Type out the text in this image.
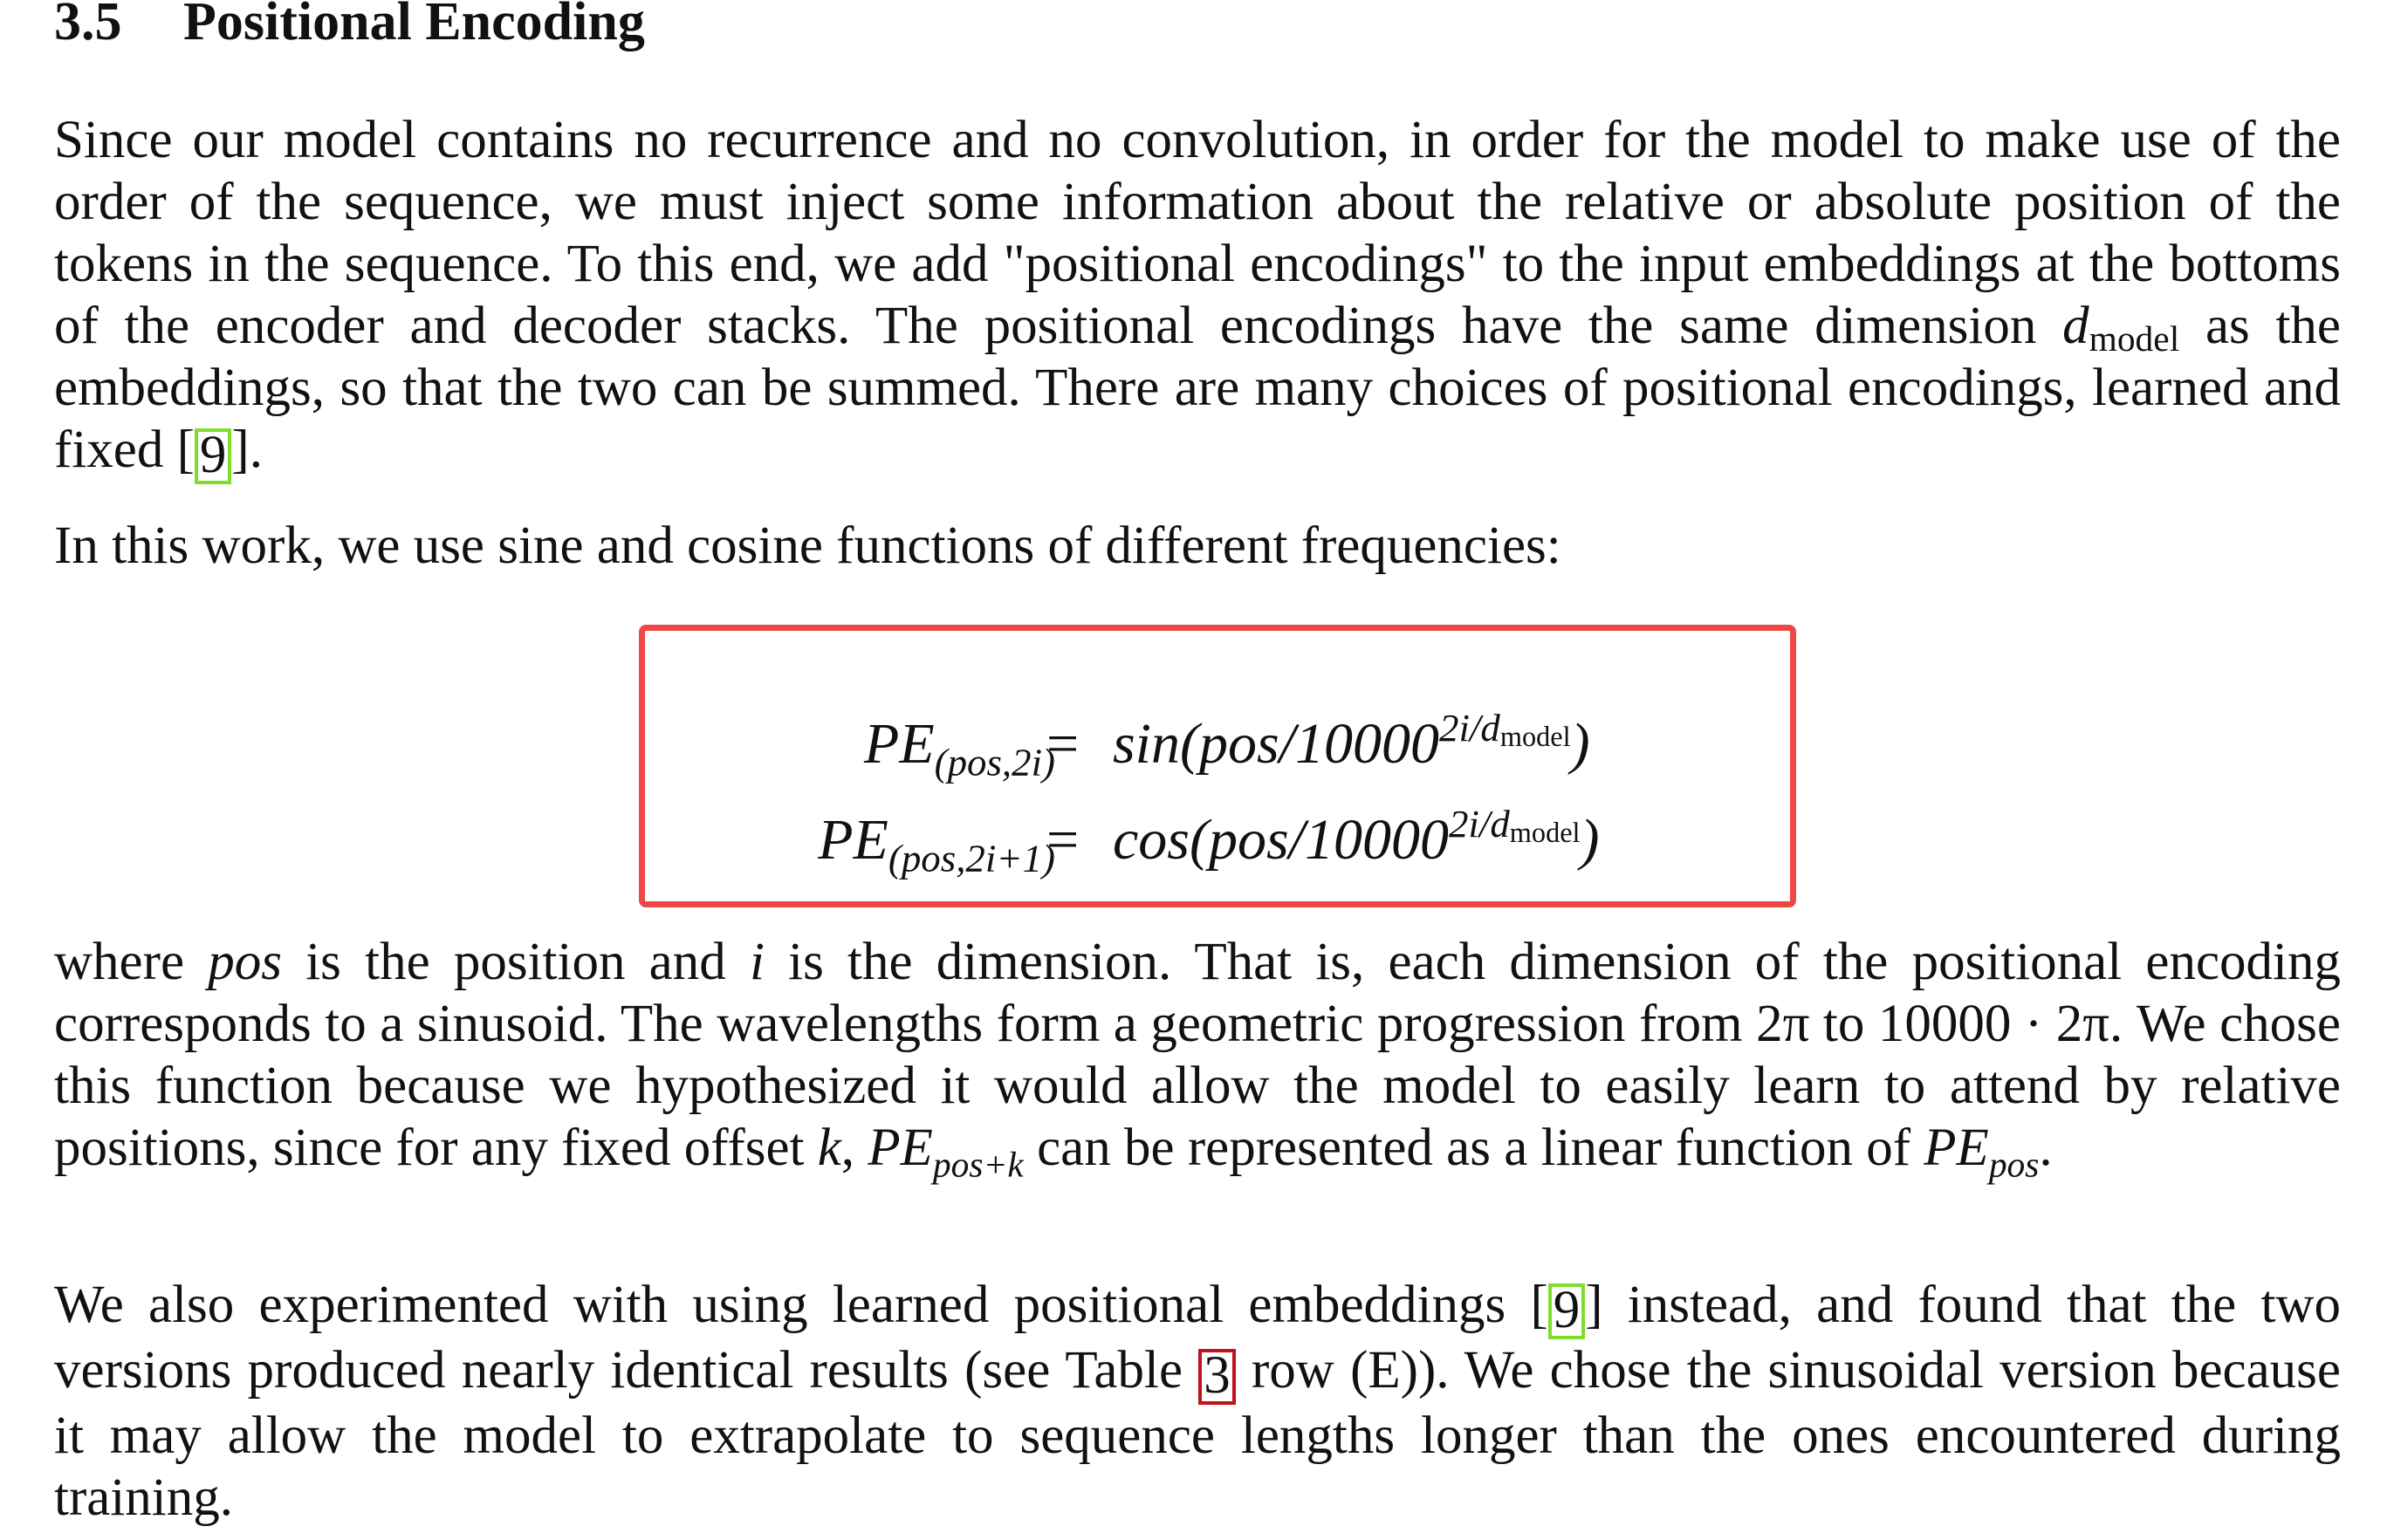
3.5 Positional Encoding
Since our model contains no recurrence and no convolution, in order for the model to make use of the order of the sequence, we must inject some information about the relative or absolute position of the tokens in the sequence. To this end, we add "positional encodings" to the input embeddings at the bottoms of the encoder and decoder stacks. The positional encodings have the same dimension dmodel as the embeddings, so that the two can be summed. There are many choices of positional encodings, learned and fixed [9].
In this work, we use sine and cosine functions of different frequencies:
$PE_{(pos,2i)}$
= $\sin(pos/10000^{2i/dmodel})$
$PE_{(pos,2i+1)}$
= $\cos(pos/10000^{2i/dmodel})$
where pos is the position and i is the dimension. That is, each dimension of the positional encoding corresponds to a sinusoid. The wavelengths form a geometric progression from 2π to 10000 · 2π. We chose this function because we hypothesized it would allow the model to easily learn to attend by relative positions, since for any fixed offset k, $PE_{pos+k}$ can be represented as a linear function of $PE_{pos}$.
We also experimented with using learned positional embeddings [9] instead, and found that the two versions produced nearly identical results (see Table 3 row (E)). We chose the sinusoidal version because it may allow the model to extrapolate to sequence lengths longer than the ones encountered during training.
